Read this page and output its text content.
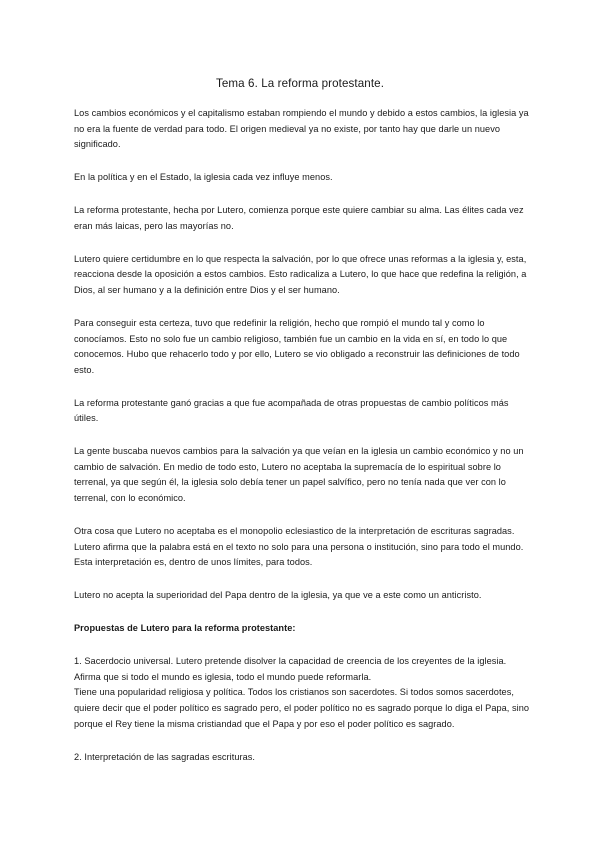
Tema 6. La reforma protestante.

Los cambios económicos y el capitalismo estaban rompiendo el mundo y debido a estos cambios, la iglesia ya no era la fuente de verdad para todo. El origen medieval ya no existe, por tanto hay que darle un nuevo significado.

En la política y en el Estado, la iglesia cada vez influye menos.

La reforma protestante, hecha por Lutero, comienza porque este quiere cambiar su alma. Las élites cada vez eran más laicas, pero las mayorías no.

Lutero quiere certidumbre en lo que respecta la salvación, por lo que ofrece unas reformas a la iglesia y, esta, reacciona desde la oposición a estos cambios. Esto radicaliza a Lutero, lo que hace que redefina la religión, a Dios, al ser humano y a la definición entre Dios y el ser humano.

Para conseguir esta certeza, tuvo que redefinir la religión, hecho que rompió el mundo tal y como lo conocíamos. Esto no solo fue un cambio religioso, también fue un cambio en la vida en sí, en todo lo que conocemos. Hubo que rehacerlo todo y por ello, Lutero se vio obligado a reconstruir las definiciones de todo esto.

La reforma protestante ganó gracias a que fue acompañada de otras propuestas de cambio políticos más útiles.

La gente buscaba nuevos cambios para la salvación ya que veían en la iglesia un cambio económico y no un cambio de salvación. En medio de todo esto, Lutero no aceptaba la supremacía de lo espiritual sobre lo terrenal, ya que según él, la iglesia solo debía tener un papel salvífico, pero no tenía nada que ver con lo terrenal, con lo económico.

Otra cosa que Lutero no aceptaba es el monopolio eclesiastico de la interpretación de escrituras sagradas. Lutero afirma que la palabra está en el texto no solo para una persona o institución, sino para todo el mundo. Esta interpretación es, dentro de unos límites, para todos.

Lutero no acepta la superioridad del Papa dentro de la iglesia, ya que ve a este como un anticristo.

Propuestas de Lutero para la reforma protestante:

1. Sacerdocio universal. Lutero pretende disolver la capacidad de creencia de los creyentes de la iglesia. Afirma que si todo el mundo es iglesia, todo el mundo puede reformarla.

Tiene una popularidad religiosa y política. Todos los cristianos son sacerdotes. Si todos somos sacerdotes, quiere decir que el poder político es sagrado pero, el poder político no es sagrado porque lo diga el Papa, sino porque el Rey tiene la misma cristiandad que el Papa y por eso el poder político es sagrado.

2. Interpretación de las sagradas escrituras.
